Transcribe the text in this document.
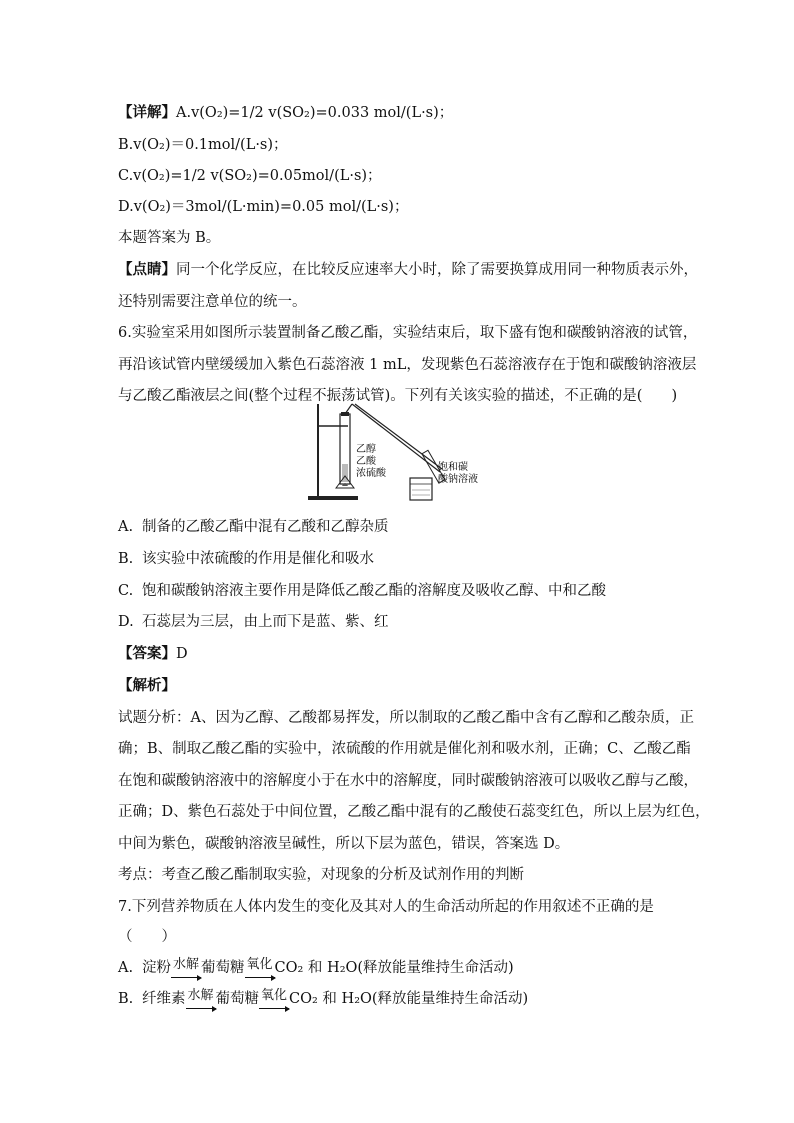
【详解】A.v(O₂)=1/2 v(SO₂)=0.033 mol/(L·s)；
B.v(O₂)＝0.1mol/(L·s)；
C.v(O₂)=1/2 v(SO₂)=0.05mol/(L·s)；
D.v(O₂)＝3mol/(L·min)=0.05 mol/(L·s)；
本题答案为 B。
【点睛】同一个化学反应，在比较反应速率大小时，除了需要换算成用同一种物质表示外，
还特别需要注意单位的统一。
6.实验室采用如图所示装置制备乙酸乙酯，实验结束后，取下盛有饱和碳酸钠溶液的试管，
再沿该试管内壁缓缓加入紫色石蕊溶液 1 mL，发现紫色石蕊溶液存在于饱和碳酸钠溶液层
与乙酸乙酯液层之间(整个过程不振荡试管)。下列有关该实验的描述，不正确的是(　　)
乙醇
乙酸
浓硫酸
饱和碳
酸钠溶液
A. 制备的乙酸乙酯中混有乙酸和乙醇杂质
B. 该实验中浓硫酸的作用是催化和吸水
C. 饱和碳酸钠溶液主要作用是降低乙酸乙酯的溶解度及吸收乙醇、中和乙酸
D. 石蕊层为三层，由上而下是蓝、紫、红
【答案】D
【解析】
试题分析：A、因为乙醇、乙酸都易挥发，所以制取的乙酸乙酯中含有乙醇和乙酸杂质，正
确；B、制取乙酸乙酯的实验中，浓硫酸的作用就是催化剂和吸水剂，正确；C、乙酸乙酯
在饱和碳酸钠溶液中的溶解度小于在水中的溶解度，同时碳酸钠溶液可以吸收乙醇与乙酸，
正确；D、紫色石蕊处于中间位置，乙酸乙酯中混有的乙酸使石蕊变红色，所以上层为红色，
中间为紫色，碳酸钠溶液呈碱性，所以下层为蓝色，错误，答案选 D。
考点：考查乙酸乙酯制取实验，对现象的分析及试剂作用的判断
7.下列营养物质在人体内发生的变化及其对人的生命活动所起的作用叙述不正确的是
（　　）
A. 淀粉 水解 葡萄糖 氧化 CO₂ 和 H₂O(释放能量维持生命活动)
B. 纤维素 水解 葡萄糖 氧化 CO₂ 和 H₂O(释放能量维持生命活动)
